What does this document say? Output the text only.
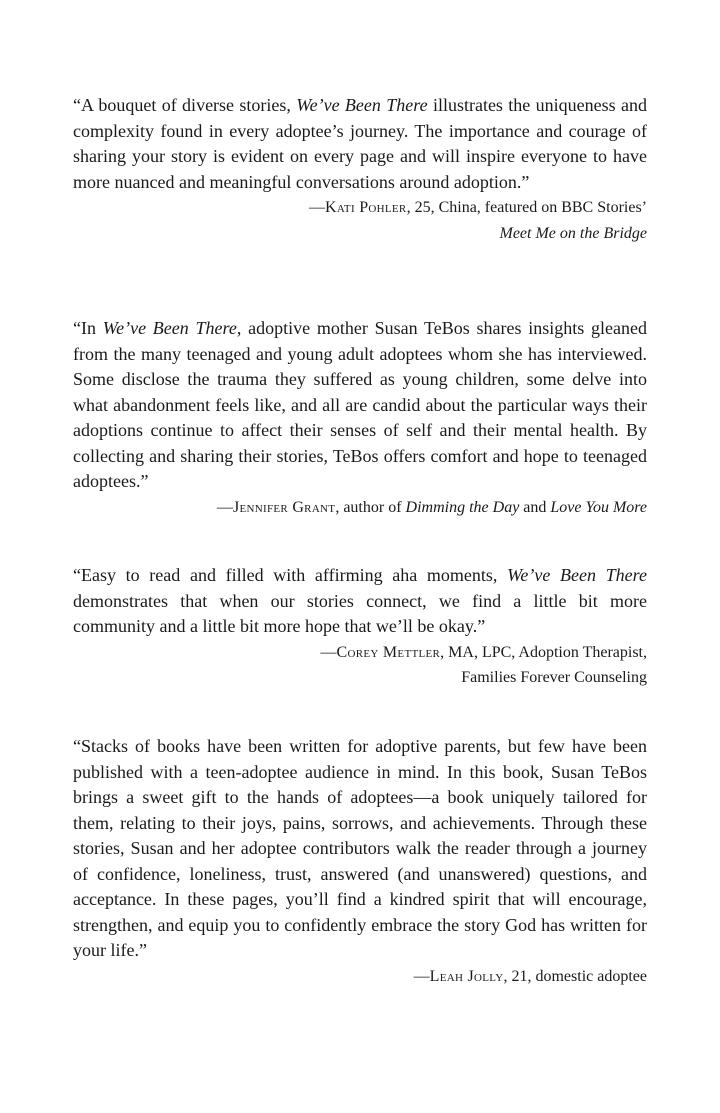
“A bouquet of diverse stories, We’ve Been There illustrates the uniqueness and complexity found in every adoptee’s journey. The importance and courage of sharing your story is evident on every page and will inspire everyone to have more nuanced and meaningful conversations around adoption.”

—Kati Pohler, 25, China, featured on BBC Stories’

Meet Me on the Bridge

“In We’ve Been There, adoptive mother Susan TeBos shares insights gleaned from the many teenaged and young adult adoptees whom she has interviewed. Some disclose the trauma they suffered as young children, some delve into what abandonment feels like, and all are candid about the particular ways their adoptions continue to affect their senses of self and their mental health. By collecting and sharing their stories, TeBos offers comfort and hope to teenaged adoptees.”

—Jennifer Grant, author of Dimming the Day and Love You More

“Easy to read and filled with affirming aha moments, We’ve Been There demonstrates that when our stories connect, we find a little bit more community and a little bit more hope that we’ll be okay.”

—Corey Mettler, MA, LPC, Adoption Therapist,

Families Forever Counseling

“Stacks of books have been written for adoptive parents, but few have been published with a teen-adoptee audience in mind. In this book, Susan TeBos brings a sweet gift to the hands of adoptees—a book uniquely tailored for them, relating to their joys, pains, sorrows, and achievements. Through these stories, Susan and her adoptee contributors walk the reader through a journey of confidence, loneliness, trust, answered (and unanswered) questions, and acceptance. In these pages, you’ll find a kindred spirit that will encourage, strengthen, and equip you to confidently embrace the story God has written for your life.”

—Leah Jolly, 21, domestic adoptee
